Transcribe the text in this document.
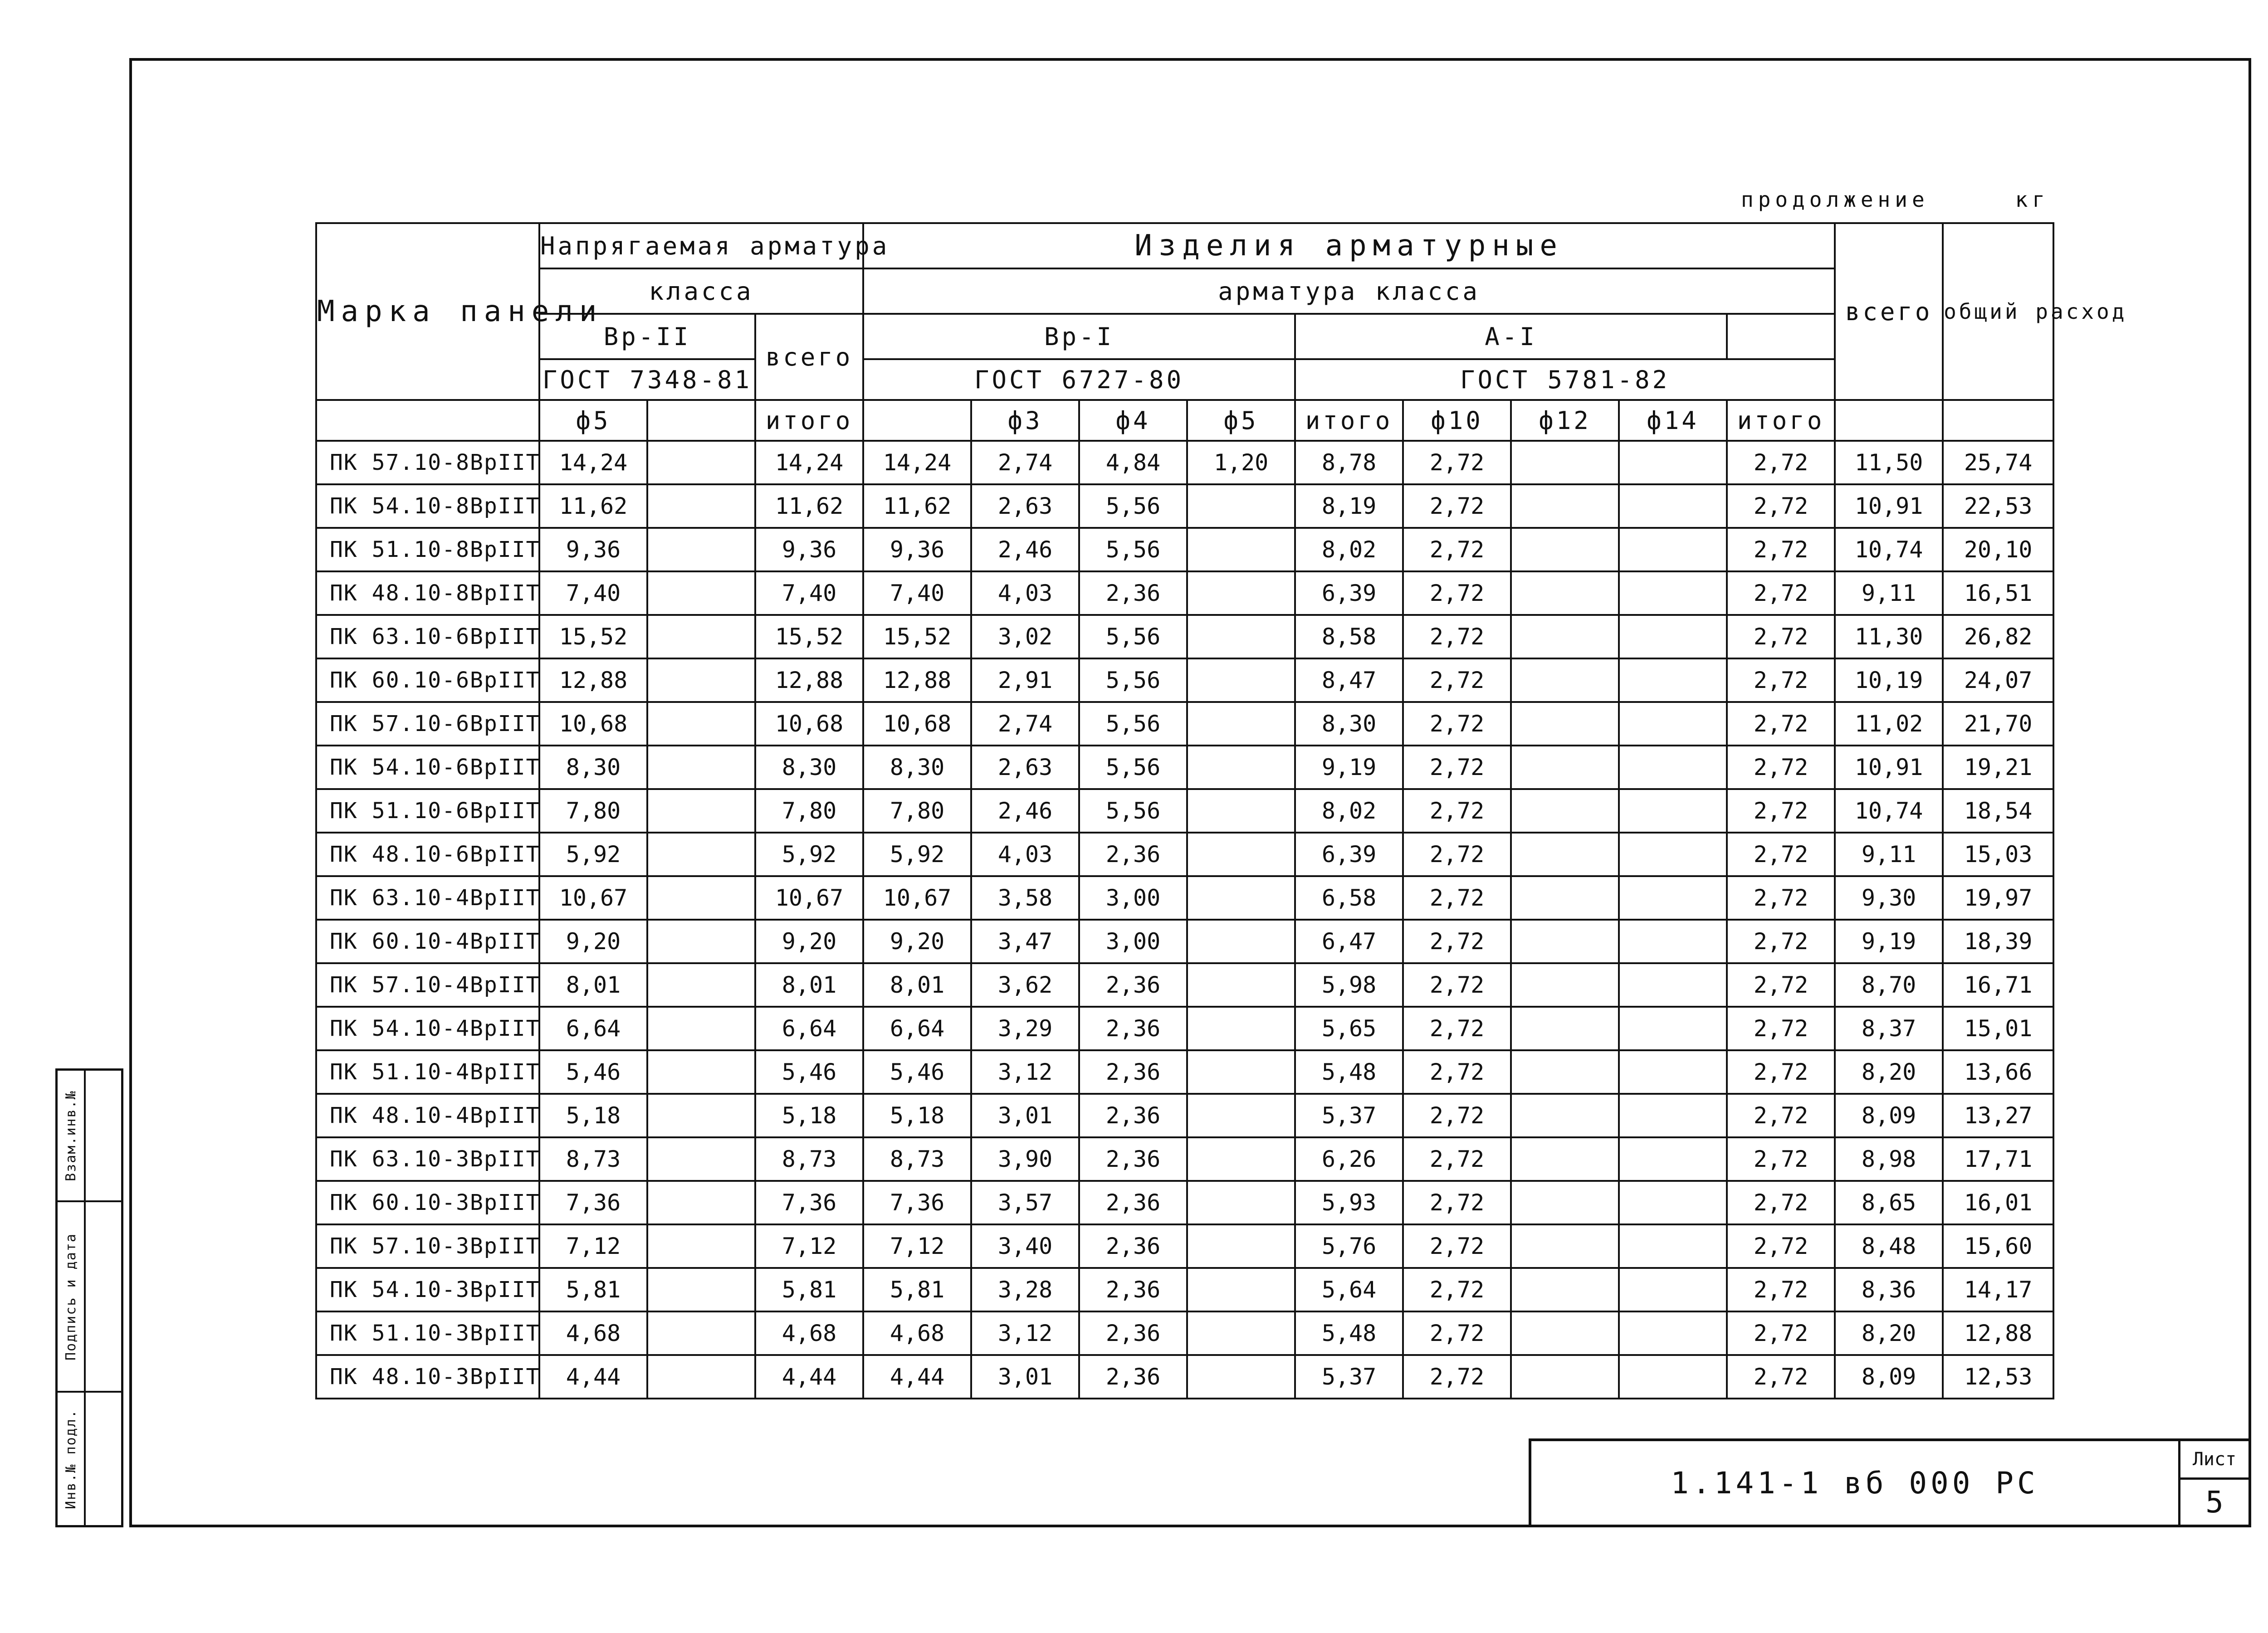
продолжение	кг
Марка панели	Напрягаемая арматура			Изделия арматурные									всего	общий расход
	класса			арматура класса										
	Вр-II		всего	Вр-I				А-I						
	ГОСТ 7348-81			ГОСТ 6727-80				ГОСТ 5781-82						
	ф5		итого		ф3	ф4	ф5	итого	ф10	ф12	ф14	итого		
ПК 57.10-8ВрIIТ	14,24		14,24	14,24	2,74	4,84	1,20	8,78	2,72			2,72	11,50	25,74
ПК 54.10-8ВрIIТ	11,62		11,62	11,62	2,63	5,56		8,19	2,72			2,72	10,91	22,53
ПК 51.10-8ВрIIТ	9,36		9,36	9,36	2,46	5,56		8,02	2,72			2,72	10,74	20,10
ПК 48.10-8ВрIIТ	7,40		7,40	7,40	4,03	2,36		6,39	2,72			2,72	9,11	16,51
ПК 63.10-6ВрIIТ	15,52		15,52	15,52	3,02	5,56		8,58	2,72			2,72	11,30	26,82
ПК 60.10-6ВрIIТ	12,88		12,88	12,88	2,91	5,56		8,47	2,72			2,72	10,19	24,07
ПК 57.10-6ВрIIТ	10,68		10,68	10,68	2,74	5,56		8,30	2,72			2,72	11,02	21,70
ПК 54.10-6ВрIIТ	8,30		8,30	8,30	2,63	5,56		9,19	2,72			2,72	10,91	19,21
ПК 51.10-6ВрIIТ	7,80		7,80	7,80	2,46	5,56		8,02	2,72			2,72	10,74	18,54
ПК 48.10-6ВрIIТ	5,92		5,92	5,92	4,03	2,36		6,39	2,72			2,72	9,11	15,03
ПК 63.10-4ВрIIТ	10,67		10,67	10,67	3,58	3,00		6,58	2,72			2,72	9,30	19,97
ПК 60.10-4ВрIIТ	9,20		9,20	9,20	3,47	3,00		6,47	2,72			2,72	9,19	18,39
ПК 57.10-4ВрIIТ	8,01		8,01	8,01	3,62	2,36		5,98	2,72			2,72	8,70	16,71
ПК 54.10-4ВрIIТ	6,64		6,64	6,64	3,29	2,36		5,65	2,72			2,72	8,37	15,01
ПК 51.10-4ВрIIТ	5,46		5,46	5,46	3,12	2,36		5,48	2,72			2,72	8,20	13,66
ПК 48.10-4ВрIIТ	5,18		5,18	5,18	3,01	2,36		5,37	2,72			2,72	8,09	13,27
ПК 63.10-3ВрIIТ	8,73		8,73	8,73	3,90	2,36		6,26	2,72			2,72	8,98	17,71
ПК 60.10-3ВрIIТ	7,36		7,36	7,36	3,57	2,36		5,93	2,72			2,72	8,65	16,01
ПК 57.10-3ВрIIТ	7,12		7,12	7,12	3,40	2,36		5,76	2,72			2,72	8,48	15,60
ПК 54.10-3ВрIIТ	5,81		5,81	5,81	3,28	2,36		5,64	2,72			2,72	8,36	14,17
ПК 51.10-3ВрIIТ	4,68		4,68	4,68	3,12	2,36		5,48	2,72			2,72	8,20	12,88
ПК 48.10-3ВрIIТ	4,44		4,44	4,44	3,01	2,36		5,37	2,72			2,72	8,09	12,53
Взам.инв.№
Подпись и дата
Инв.№ подл.	1.141-1 вб 000 РС
Лист
5
